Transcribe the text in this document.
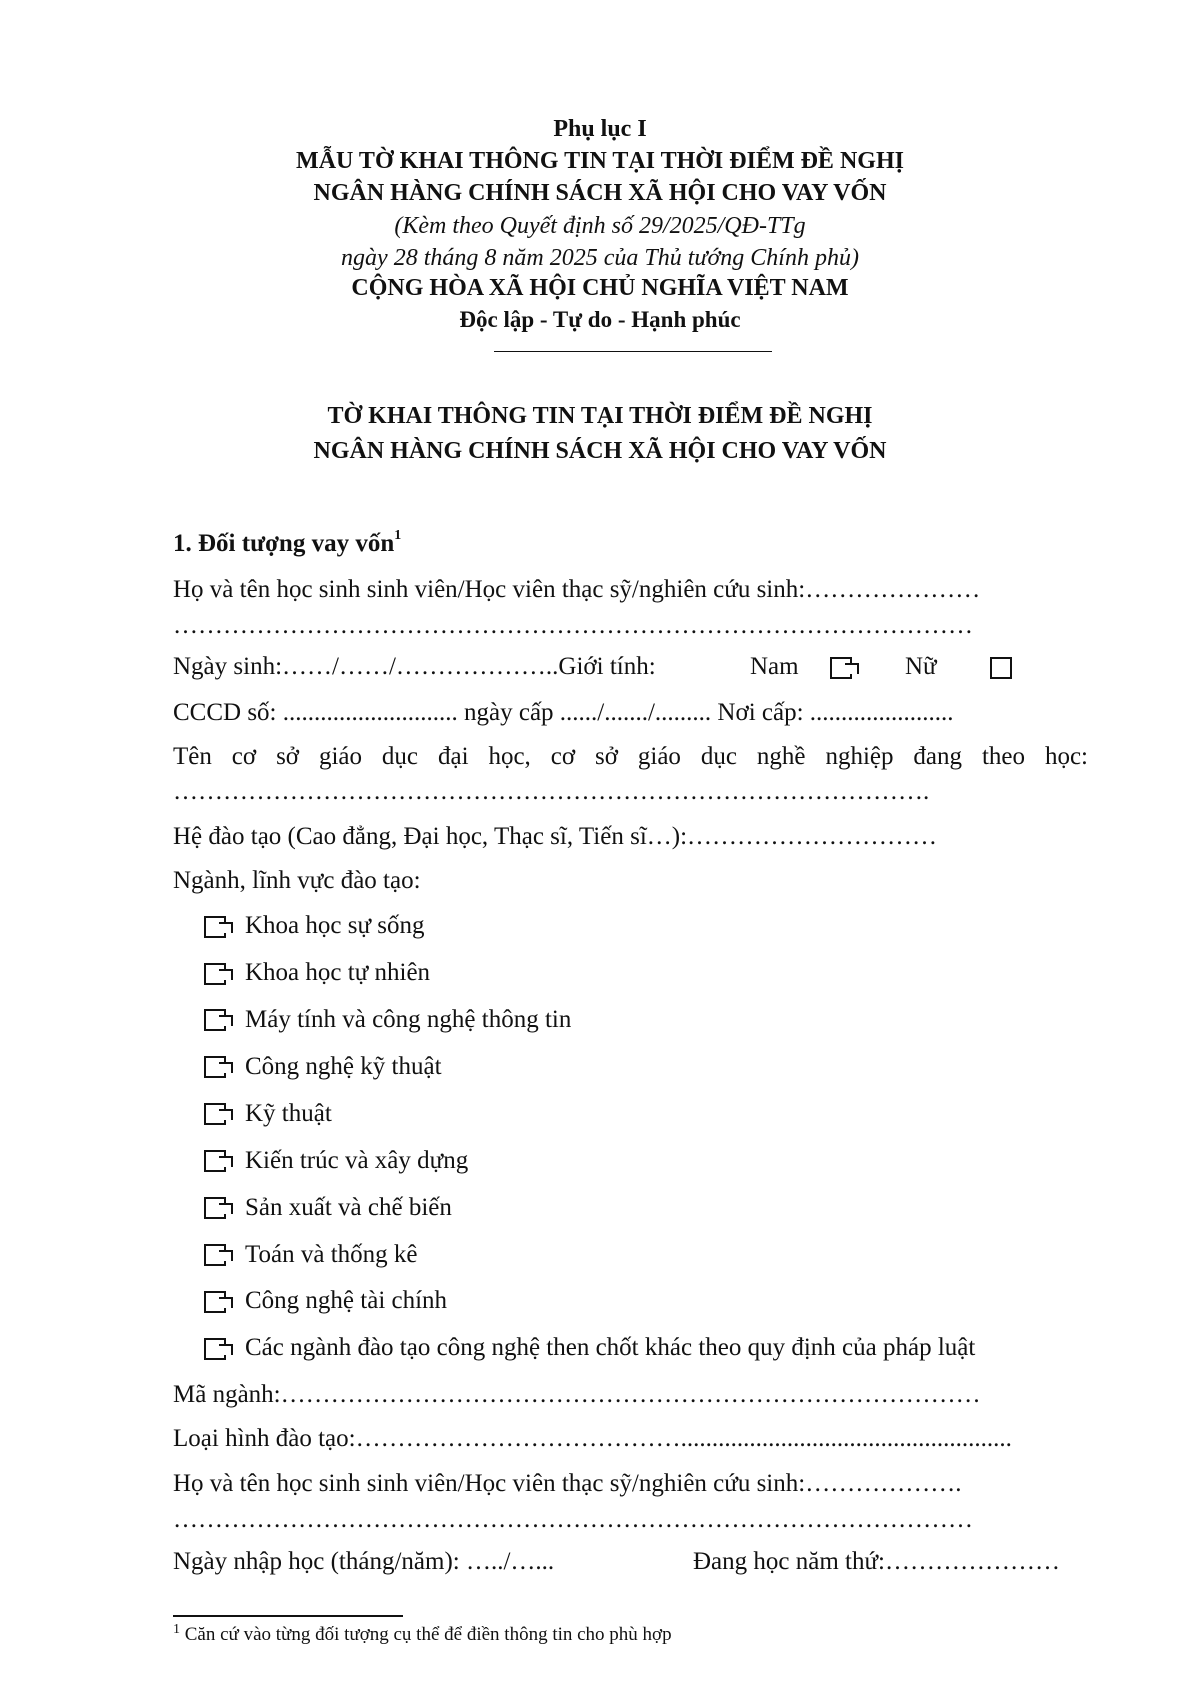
Phụ lục I
MẪU TỜ KHAI THÔNG TIN TẠI THỜI ĐIỂM ĐỀ NGHỊ
NGÂN HÀNG CHÍNH SÁCH XÃ HỘI CHO VAY VỐN
(Kèm theo Quyết định số 29/2025/QĐ-TTg
ngày 28 tháng 8 năm 2025 của Thủ tướng Chính phủ)
CỘNG HÒA XÃ HỘI CHỦ NGHĨA VIỆT NAM
Độc lập - Tự do - Hạnh phúc
TỜ KHAI THÔNG TIN TẠI THỜI ĐIỂM ĐỀ NGHỊ
NGÂN HÀNG CHÍNH SÁCH XÃ HỘI CHO VAY VỐN
1. Đối tượng vay vốn$^1$
Họ và tên học sinh sinh viên/Học viên thạc sỹ/nghiên cứu sinh:…………………
……………………………………………………………………………………
Ngày sinh:……/……/………………..Giới tính:	Nam	Nữ
CCCD số: ............................ ngày cấp ....../......./......... Nơi cấp: .......................
Tên cơ sở giáo dục đại học, cơ sở giáo dục nghề nghiệp đang theo học:
……………………………………………………………………………….
Hệ đào tạo (Cao đẳng, Đại học, Thạc sĩ, Tiến sĩ…):…………………………
Ngành, lĩnh vực đào tạo:
Khoa học sự sống
Khoa học tự nhiên
Máy tính và công nghệ thông tin
Công nghệ kỹ thuật
Kỹ thuật
Kiến trúc và xây dựng
Sản xuất và chế biến
Toán và thống kê
Công nghệ tài chính
Các ngành đào tạo công nghệ then chốt khác theo quy định của pháp luật
Mã ngành:…………………………………………………………………………
Loại hình đào tạo:………………………………….....................................................
Họ và tên học sinh sinh viên/Học viên thạc sỹ/nghiên cứu sinh:……………….
……………………………………………………………………………………
Ngày nhập học (tháng/năm): …../…...	Đang học năm thứ:…………………
$^1$ Căn cứ vào từng đối tượng cụ thể để điền thông tin cho phù hợp
